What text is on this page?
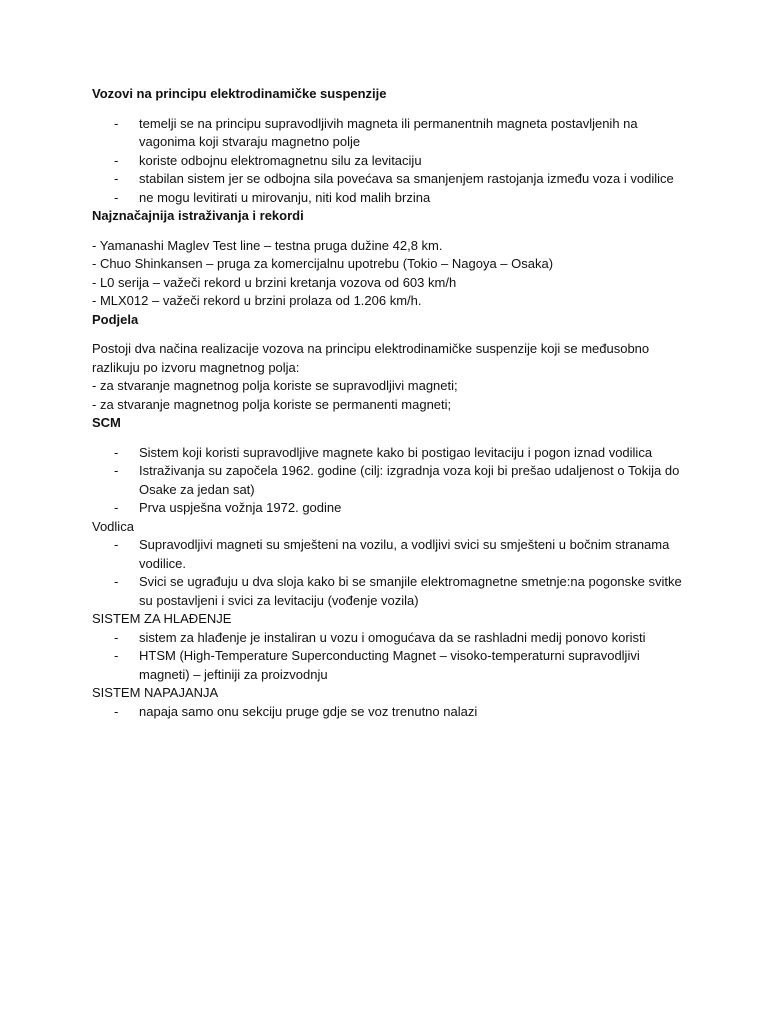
Vozovi na principu elektrodinamičke suspenzije
- temelji se na principu supravodljivih magneta ili permanentnih magneta postavljenih na vagonima koji stvaraju magnetno polje
- koriste odbojnu elektromagnetnu silu za levitaciju
- stabilan sistem jer se odbojna sila povećava sa smanjenjem rastojanja između voza i vodilice
- ne mogu levitirati u mirovanju, niti kod malih brzina
Najznačajnija istraživanja i rekordi

- Yamanashi Maglev Test line – testna pruga dužine 42,8 km.

- Chuo Shinkansen – pruga za komercijalnu upotrebu (Tokio – Nagoya – Osaka)

- L0 serija – važeči rekord u brzini kretanja vozova od 603 km/h

- MLX012 – važeči rekord u brzini prolaza od 1.206 km/h.

Podjela

Postoji dva načina realizacije vozova na principu elektrodinamičke suspenzije koji se međusobno razlikuju po izvoru magnetnog polja:

- za stvaranje magnetnog polja koriste se supravodljivi magneti;

- za stvaranje magnetnog polja koriste se permanenti magneti;

SCM
- Sistem koji koristi supravodljive magnete kako bi postigao levitaciju i pogon iznad vodilica
- Istraživanja su započela 1962. godine (cilj: izgradnja voza koji bi prešao udaljenost o Tokija do Osake za jedan sat)
- Prva uspješna vožnja 1972. godine
Vodlica
- Supravodljivi magneti su smješteni na vozilu, a vodljivi svici su smješteni u bočnim stranama vodilice.
- Svici se ugrađuju u dva sloja kako bi se smanjile elektromagnetne smetnje:na pogonske svitke su postavljeni i svici za levitaciju (vođenje vozila)
SISTEM ZA HLAĐENJE
- sistem za hlađenje je instaliran u vozu i omogućava da se rashladni medij ponovo koristi
- HTSM (High-Temperature Superconducting Magnet – visoko-temperaturni supravodljivi magneti) – jeftiniji za proizvodnju
SISTEM NAPAJANJA
- napaja samo onu sekciju pruge gdje se voz trenutno nalazi
